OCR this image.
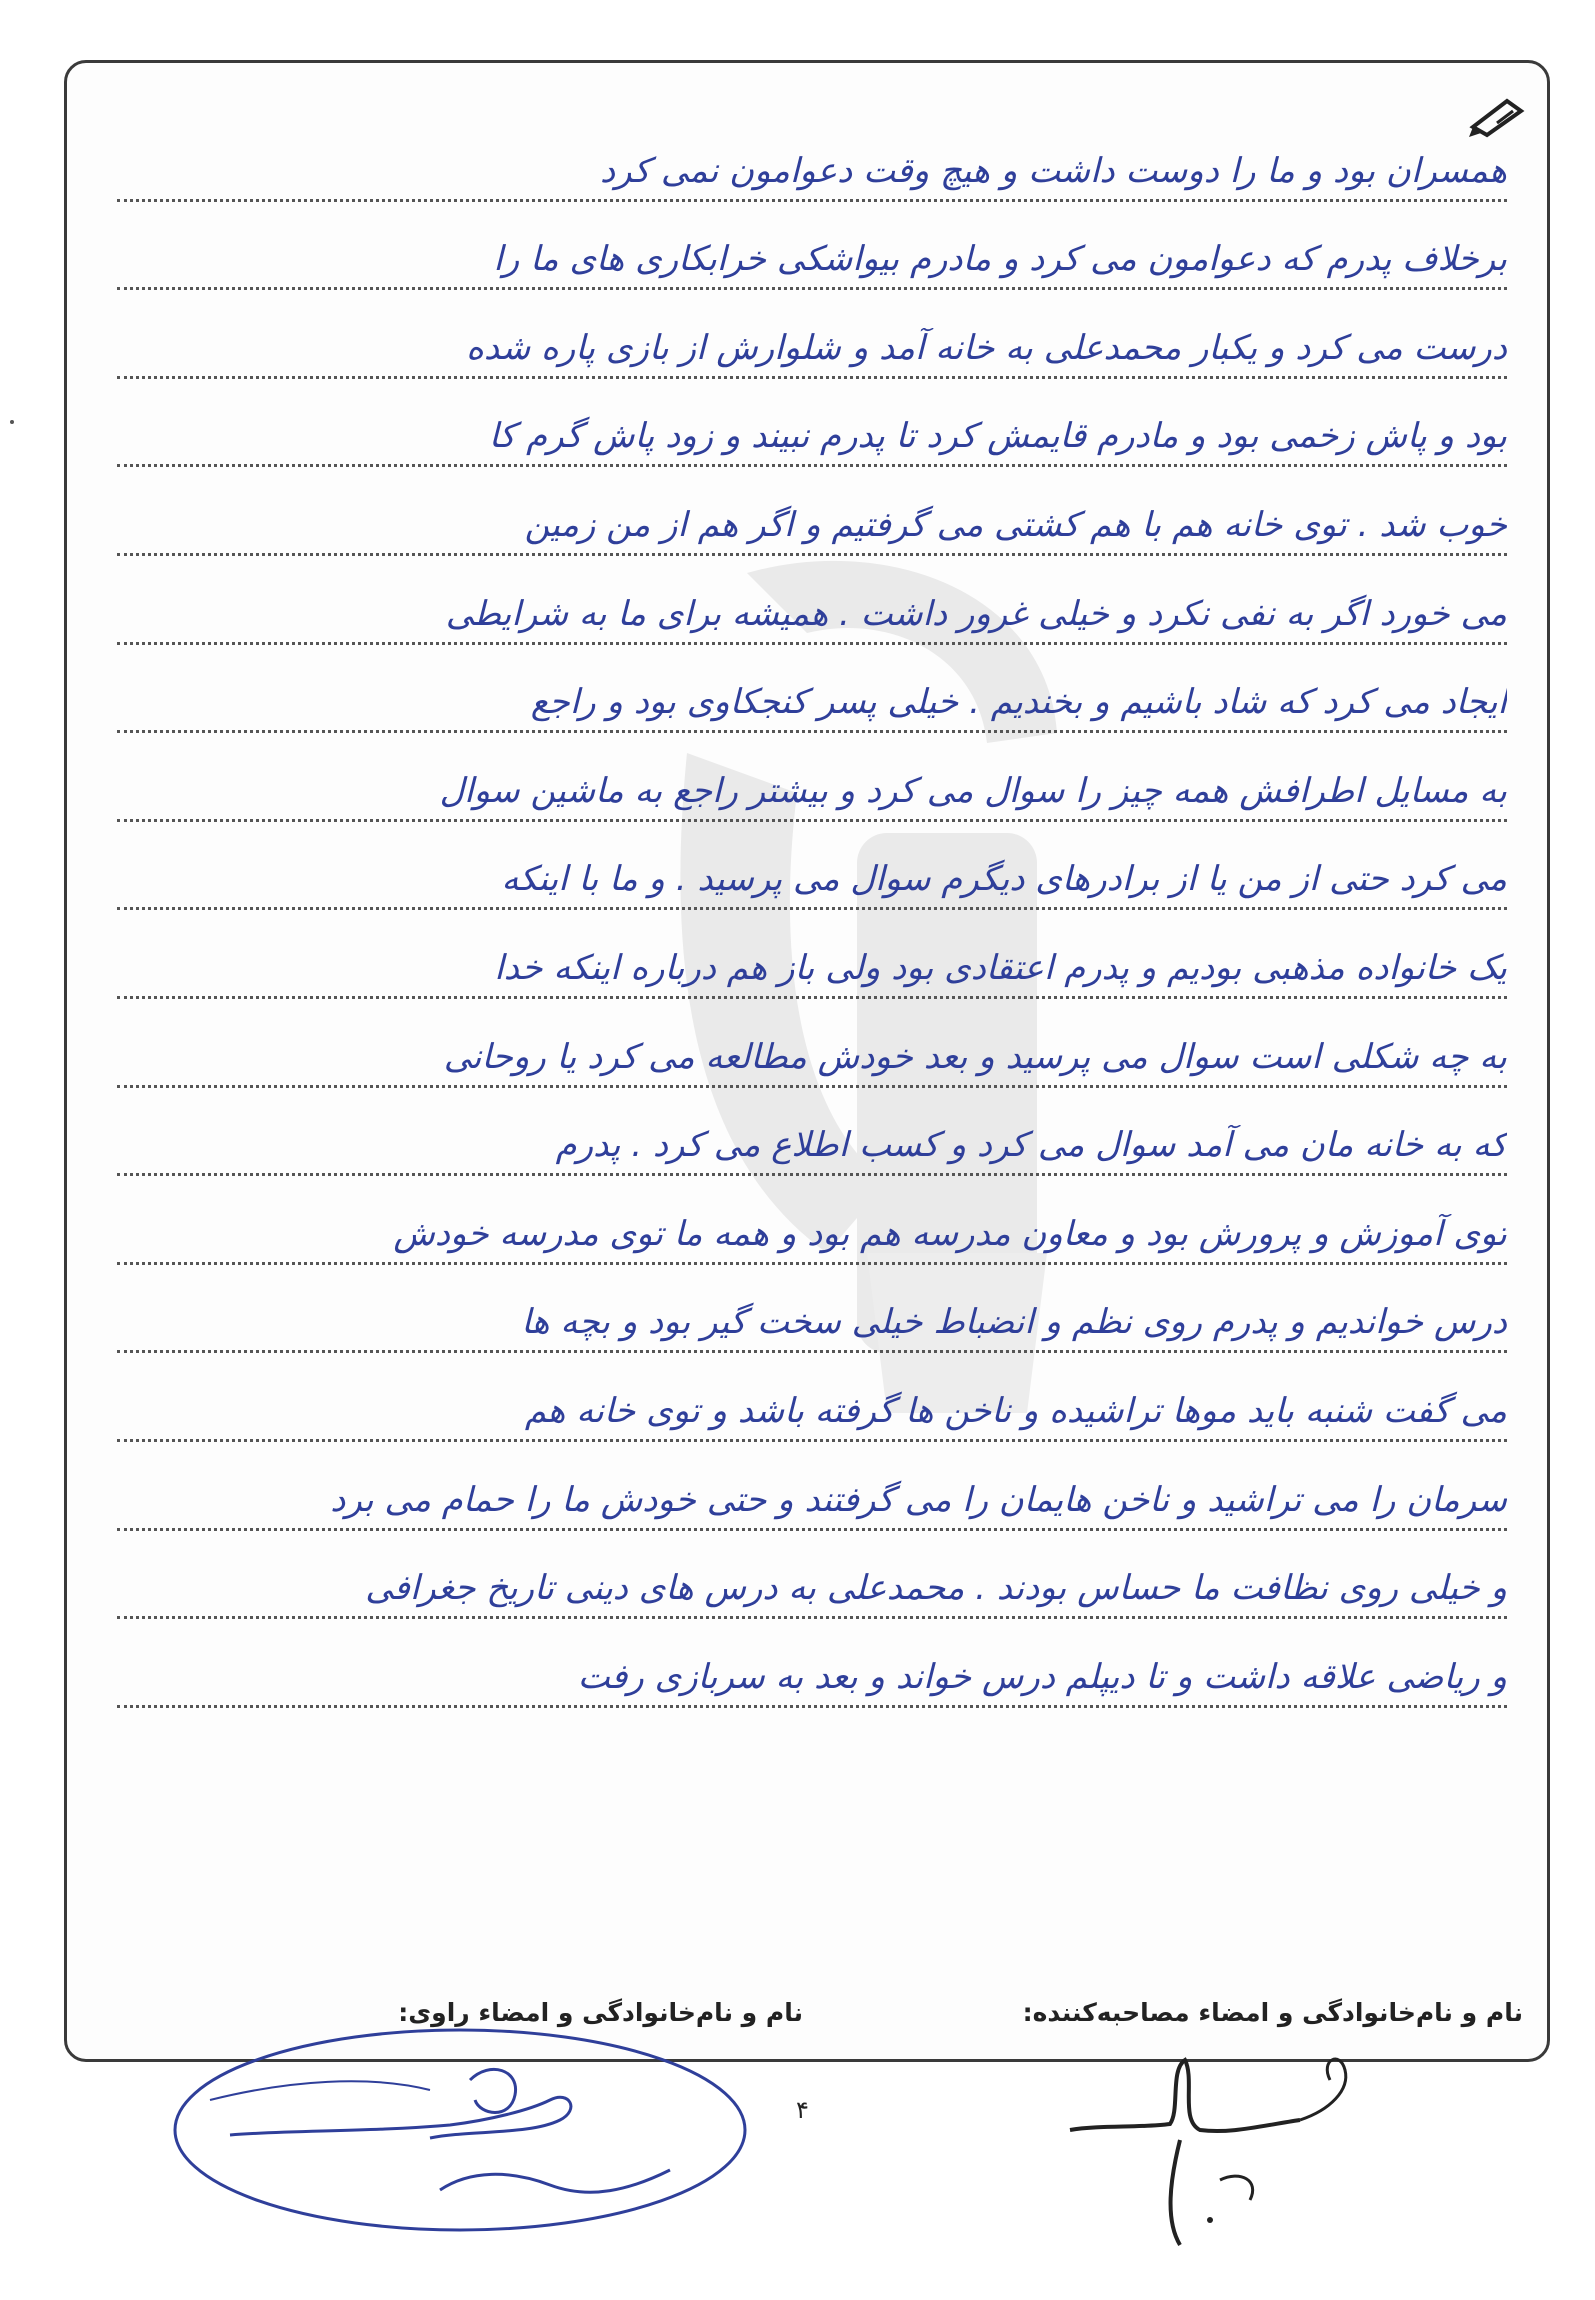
همسران بود و ما را دوست داشت و هیچ وقت دعوامون نمی کرد
برخلاف پدرم که دعوامون می کرد و مادرم بیواشکی خرابکاری های ما را
درست می کرد و یکبار محمدعلی به خانه آمد و شلوارش از بازی پاره شده
بود و پاش زخمی بود و مادرم قایمش کرد تا پدرم نبیند و زود پاش گرم کا
خوب شد . توی خانه هم با هم کشتی می گرفتیم و اگر هم از من زمین
می خورد اگر به نفی نکرد و خیلی غرور داشت . همیشه برای ما به شرایطی
ایجاد می کرد که شاد باشیم و بخندیم . خیلی پسر کنجکاوی بود و راجع
به مسایل اطرافش همه چیز را سوال می کرد و بیشتر راجع به ماشین سوال
می کرد حتی از من یا از برادرهای دیگرم سوال می پرسید . و ما با اینکه
یک خانواده مذهبی بودیم و پدرم اعتقادی بود ولی باز هم درباره اینکه خدا
به چه شکلی است سوال می پرسید و بعد خودش مطالعه می کرد یا روحانی
که به خانه مان می آمد سوال می کرد و کسب اطلاع می کرد . پدرم
توی آموزش و پرورش بود و معاون مدرسه هم بود و همه ما توی مدرسه خودش
درس خواندیم و پدرم روی نظم و انضباط خیلی سخت گیر بود و بچه ها
می گفت شنبه باید موها تراشیده و ناخن ها گرفته باشد و توی خانه هم
سرمان را می تراشید و ناخن هایمان را می گرفتند و حتی خودش ما را حمام می برد
و خیلی روی نظافت ما حساس بودند . محمدعلی به درس های دینی تاریخ جغرافی
و ریاضی علاقه داشت و تا دیپلم درس خواند و بعد به سربازی رفت
نام و نام‌خانوادگی و امضاء مصاحبه‌کننده:
نام و نام‌خانوادگی و امضاء راوی:
۴
